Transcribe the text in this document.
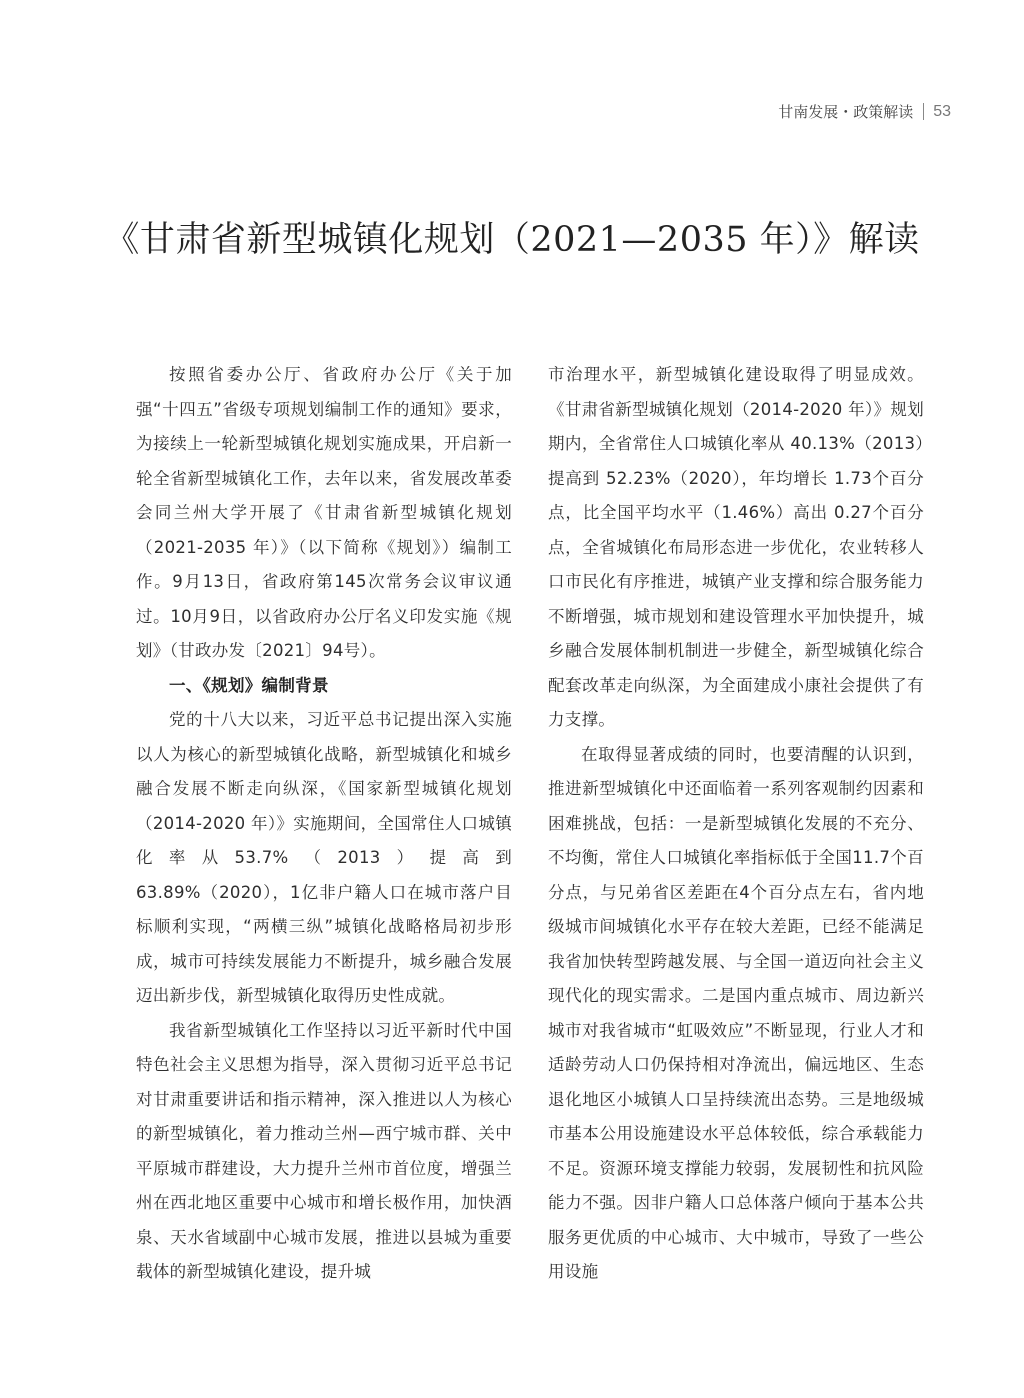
甘南发展・政策解读 53
《甘肃省新型城镇化规划（2021—2035 年）》解读

按照省委办公厅、省政府办公厅《关于加强“十四五”省级专项规划编制工作的通知》要求，为接续上一轮新型城镇化规划实施成果，开启新一轮全省新型城镇化工作，去年以来，省发展改革委会同兰州大学开展了《甘肃省新型城镇化规划（2021-2035 年）》（以下简称《规划》）编制工作。9月13日，省政府第145次常务会议审议通过。10月9日，以省政府办公厅名义印发实施《规划》（甘政办发〔2021〕94号）。

一、《规划》编制背景

党的十八大以来，习近平总书记提出深入实施以人为核心的新型城镇化战略，新型城镇化和城乡融合发展不断走向纵深，《国家新型城镇化规划（2014-2020 年）》实施期间，全国常住人口城镇化率从53.7%（2013）提高到63.89%（2020），1亿非户籍人口在城市落户目标顺利实现，“两横三纵”城镇化战略格局初步形成，城市可持续发展能力不断提升，城乡融合发展迈出新步伐，新型城镇化取得历史性成就。

我省新型城镇化工作坚持以习近平新时代中国特色社会主义思想为指导，深入贯彻习近平总书记对甘肃重要讲话和指示精神，深入推进以人为核心的新型城镇化，着力推动兰州—西宁城市群、关中平原城市群建设，大力提升兰州市首位度，增强兰州在西北地区重要中心城市和增长极作用，加快酒泉、天水省域副中心城市发展，推进以县城为重要载体的新型城镇化建设，提升城

市治理水平，新型城镇化建设取得了明显成效。《甘肃省新型城镇化规划（2014-2020 年）》规划期内，全省常住人口城镇化率从 40.13%（2013）提高到 52.23%（2020），年均增长 1.73个百分点，比全国平均水平（1.46%）高出 0.27个百分点，全省城镇化布局形态进一步优化，农业转移人口市民化有序推进，城镇产业支撑和综合服务能力不断增强，城市规划和建设管理水平加快提升，城乡融合发展体制机制进一步健全，新型城镇化综合配套改革走向纵深，为全面建成小康社会提供了有力支撑。

在取得显著成绩的同时，也要清醒的认识到，推进新型城镇化中还面临着一系列客观制约因素和困难挑战，包括：一是新型城镇化发展的不充分、不均衡，常住人口城镇化率指标低于全国11.7个百分点，与兄弟省区差距在4个百分点左右，省内地级城市间城镇化水平存在较大差距，已经不能满足我省加快转型跨越发展、与全国一道迈向社会主义现代化的现实需求。二是国内重点城市、周边新兴城市对我省城市“虹吸效应”不断显现，行业人才和适龄劳动人口仍保持相对净流出，偏远地区、生态退化地区小城镇人口呈持续流出态势。三是地级城市基本公用设施建设水平总体较低，综合承载能力不足。资源环境支撑能力较弱，发展韧性和抗风险能力不强。因非户籍人口总体落户倾向于基本公共服务更优质的中心城市、大中城市，导致了一些公用设施
